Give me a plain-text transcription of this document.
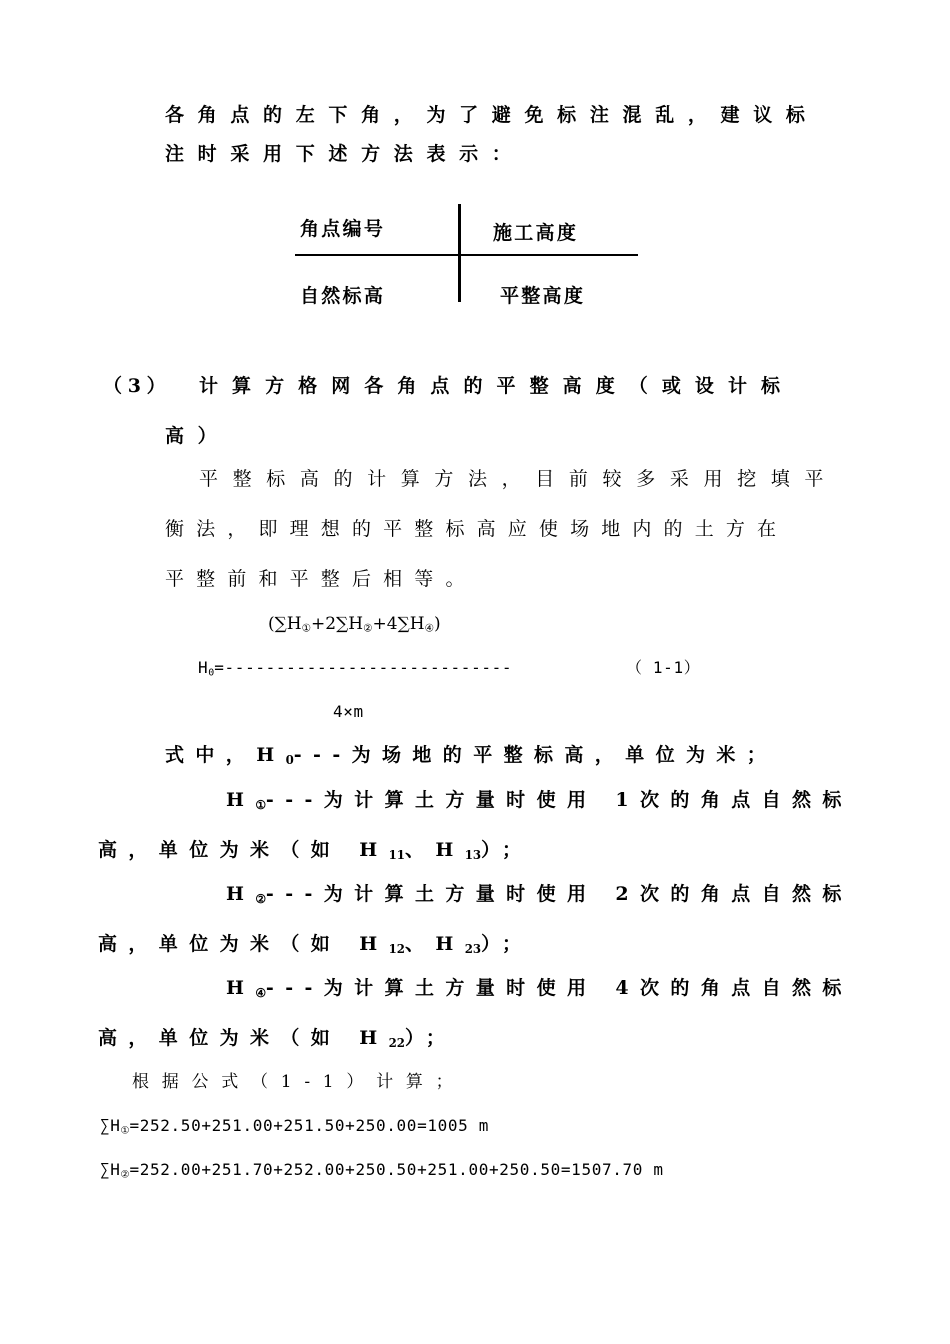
各角点的左下角，为了避免标注混乱，建议标
注时采用下述方法表示：
角点编号	施工高度
自然标高	平整高度
（3） 计算方格网各角点的平整高度（或设计标
高）
平整标高的计算方法，目前较多采用挖填平
衡法，即理想的平整标高应使场地内的土方在
平整前和平整后相等。
$(\sum H_①+2\sum H_②+4\sum H_④)$
$H_0=----------------------------$	（ 1-1）
4×m
式中，$H_0---$为场地的平整标高，单位为米；
$H_①---$为计算土方量时使用 1次的角点自然标
高，单位为米（如 $H_{11}$、$H_{13}$）；
$H_②---$为计算土方量时使用 2次的角点自然标
高，单位为米（如 $H_{12}$、$H_{23}$）；
$H_④---$为计算土方量时使用 4次的角点自然标
高，单位为米（如 $H_{22}$）；
根据公式（1-1）计算；
$\sum H_①=252.50+251.00+251.50+250.00=1005$ m
$\sum H_②=252.00+251.70+252.00+250.50+251.00+250.50=1507.70$ m
